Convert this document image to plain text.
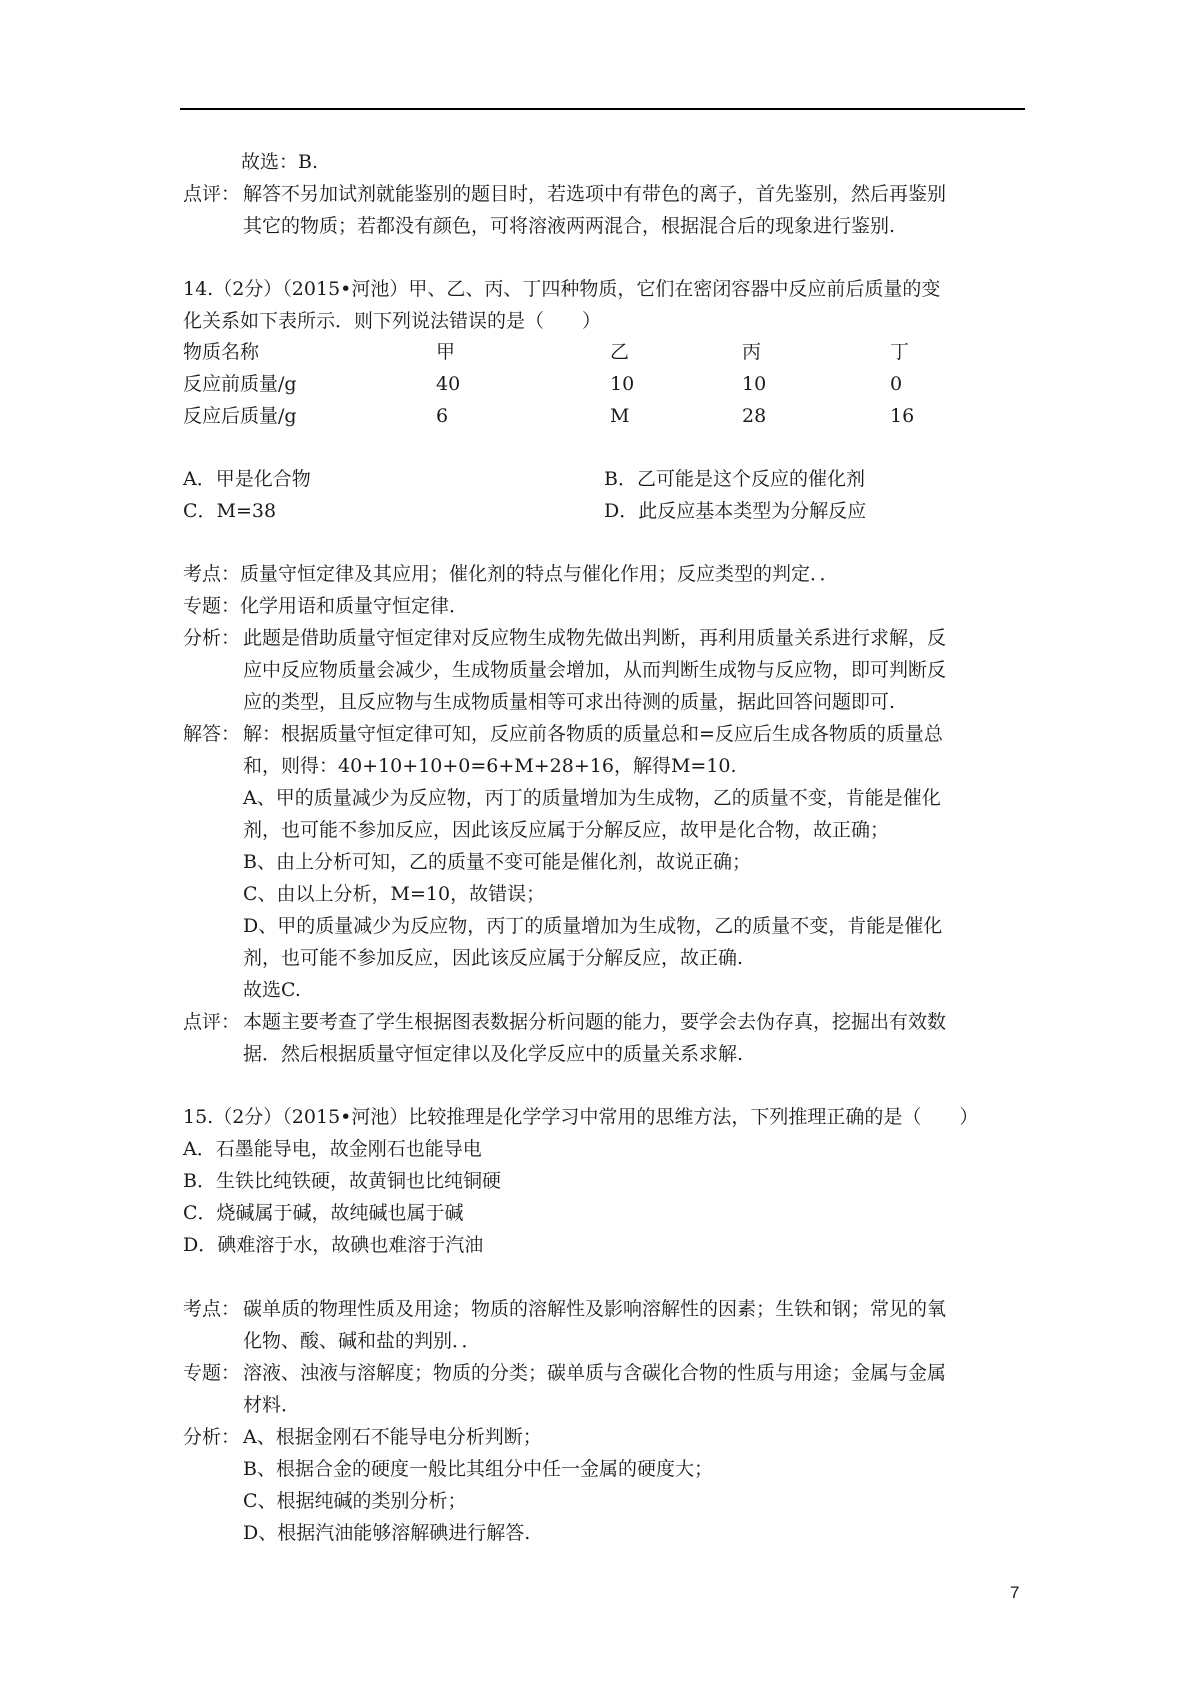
故选：B.
点评： 解答不另加试剂就能鉴别的题目时，若选项中有带色的离子，首先鉴别，然后再鉴别
其它的物质；若都没有颜色，可将溶液两两混合，根据混合后的现象进行鉴别.
14.（2分）（2015•河池）甲、乙、丙、丁四种物质，它们在密闭容器中反应前后质量的变
化关系如下表所示．则下列说法错误的是（　　）
物质名称	甲	乙	丙	丁
反应前质量/g	40	10	10	0
反应后质量/g	6	M	28	16
A．甲是化合物	B．乙可能是这个反应的催化剂
C．M=38	D．此反应基本类型为分解反应
考点：质量守恒定律及其应用；催化剂的特点与催化作用；反应类型的判定．．
专题：化学用语和质量守恒定律．
分析： 此题是借助质量守恒定律对反应物生成物先做出判断，再利用质量关系进行求解，反
应中反应物质量会减少，生成物质量会增加，从而判断生成物与反应物，即可判断反
应的类型，且反应物与生成物质量相等可求出待测的质量，据此回答问题即可.
解答： 解：根据质量守恒定律可知，反应前各物质的质量总和=反应后生成各物质的质量总
和，则得：40+10+10+0=6+M+28+16，解得M=10.
A、甲的质量减少为反应物，丙丁的质量增加为生成物，乙的质量不变，肯能是催化
剂，也可能不参加反应，因此该反应属于分解反应，故甲是化合物，故正确；
B、由上分析可知，乙的质量不变可能是催化剂，故说正确；
C、由以上分析，M=10，故错误；
D、甲的质量减少为反应物，丙丁的质量增加为生成物，乙的质量不变，肯能是催化
剂，也可能不参加反应，因此该反应属于分解反应，故正确.
故选C.
点评： 本题主要考查了学生根据图表数据分析问题的能力，要学会去伪存真，挖掘出有效数
据．然后根据质量守恒定律以及化学反应中的质量关系求解.
15.（2分）（2015•河池）比较推理是化学学习中常用的思维方法，下列推理正确的是（　　）
A．石墨能导电，故金刚石也能导电
B．生铁比纯铁硬，故黄铜也比纯铜硬
C．烧碱属于碱，故纯碱也属于碱
D．碘难溶于水，故碘也难溶于汽油
考点： 碳单质的物理性质及用途；物质的溶解性及影响溶解性的因素；生铁和钢；常见的氧
化物、酸、碱和盐的判别．．
专题： 溶液、浊液与溶解度；物质的分类；碳单质与含碳化合物的性质与用途；金属与金属
材料．
分析： A、根据金刚石不能导电分析判断；
B、根据合金的硬度一般比其组分中任一金属的硬度大；
C、根据纯碱的类别分析；
D、根据汽油能够溶解碘进行解答.
7
